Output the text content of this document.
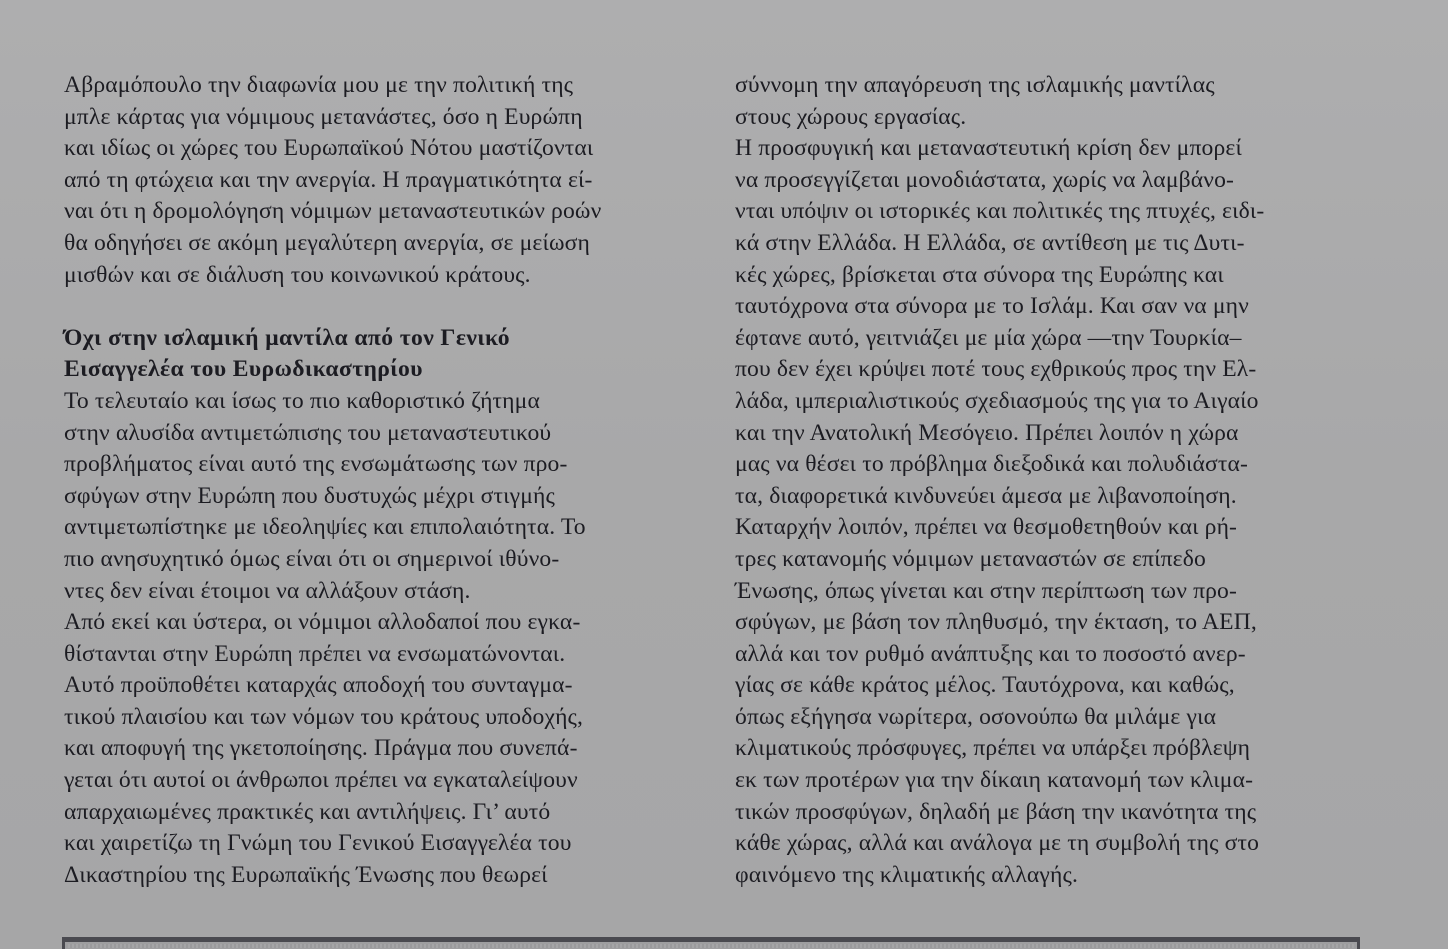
Αβραμόπουλο την διαφωνία μου με την πολιτική της
μπλε κάρτας για νόμιμους μετανάστες, όσο η Ευρώπη
και ιδίως οι χώρες του Ευρωπαϊκού Νότου μαστίζονται
από τη φτώχεια και την ανεργία. Η πραγματικότητα εί-
ναι ότι η δρομολόγηση νόμιμων μεταναστευτικών ροών
θα οδηγήσει σε ακόμη μεγαλύτερη ανεργία, σε μείωση
μισθών και σε διάλυση του κοινωνικού κράτους.
Όχι στην ισλαμική μαντίλα από τον Γενικό
Εισαγγελέα του Ευρωδικαστηρίου
Το τελευταίο και ίσως το πιο καθοριστικό ζήτημα
στην αλυσίδα αντιμετώπισης του μεταναστευτικού
προβλήματος είναι αυτό της ενσωμάτωσης των προ-
σφύγων στην Ευρώπη που δυστυχώς μέχρι στιγμής
αντιμετωπίστηκε με ιδεοληψίες και επιπολαιότητα. Το
πιο ανησυχητικό όμως είναι ότι οι σημερινοί ιθύνο-
ντες δεν είναι έτοιμοι να αλλάξουν στάση.
Από εκεί και ύστερα, οι νόμιμοι αλλοδαποί που εγκα-
θίστανται στην Ευρώπη πρέπει να ενσωματώνονται.
Αυτό προϋποθέτει καταρχάς αποδοχή του συνταγμα-
τικού πλαισίου και των νόμων του κράτους υποδοχής,
και αποφυγή της γκετοποίησης. Πράγμα που συνεπά-
γεται ότι αυτοί οι άνθρωποι πρέπει να εγκαταλείψουν
απαρχαιωμένες πρακτικές και αντιλήψεις. Γι’ αυτό
και χαιρετίζω τη Γνώμη του Γενικού Εισαγγελέα του
Δικαστηρίου της Ευρωπαϊκής Ένωσης που θεωρεί
σύννομη την απαγόρευση της ισλαμικής μαντίλας
στους χώρους εργασίας.
Η προσφυγική και μεταναστευτική κρίση δεν μπορεί
να προσεγγίζεται μονοδιάστατα, χωρίς να λαμβάνο-
νται υπόψιν οι ιστορικές και πολιτικές της πτυχές, ειδι-
κά στην Ελλάδα. Η Ελλάδα, σε αντίθεση με τις Δυτι-
κές χώρες, βρίσκεται στα σύνορα της Ευρώπης και
ταυτόχρονα στα σύνορα με το Ισλάμ. Και σαν να μην
έφτανε αυτό, γειτνιάζει με μία χώρα —την Τουρκία–
που δεν έχει κρύψει ποτέ τους εχθρικούς προς την Ελ-
λάδα, ιμπεριαλιστικούς σχεδιασμούς της για το Αιγαίο
και την Ανατολική Μεσόγειο. Πρέπει λοιπόν η χώρα
μας να θέσει το πρόβλημα διεξοδικά και πολυδιάστα-
τα, διαφορετικά κινδυνεύει άμεσα με λιβανοποίηση.
Καταρχήν λοιπόν, πρέπει να θεσμοθετηθούν και ρή-
τρες κατανομής νόμιμων μεταναστών σε επίπεδο
Ένωσης, όπως γίνεται και στην περίπτωση των προ-
σφύγων, με βάση τον πληθυσμό, την έκταση, το ΑΕΠ,
αλλά και τον ρυθμό ανάπτυξης και το ποσοστό ανερ-
γίας σε κάθε κράτος μέλος. Ταυτόχρονα, και καθώς,
όπως εξήγησα νωρίτερα, οσονούπω θα μιλάμε για
κλιματικούς πρόσφυγες, πρέπει να υπάρξει πρόβλεψη
εκ των προτέρων για την δίκαιη κατανομή των κλιμα-
τικών προσφύγων, δηλαδή με βάση την ικανότητα της
κάθε χώρας, αλλά και ανάλογα με τη συμβολή της στο
φαινόμενο της κλιματικής αλλαγής.
